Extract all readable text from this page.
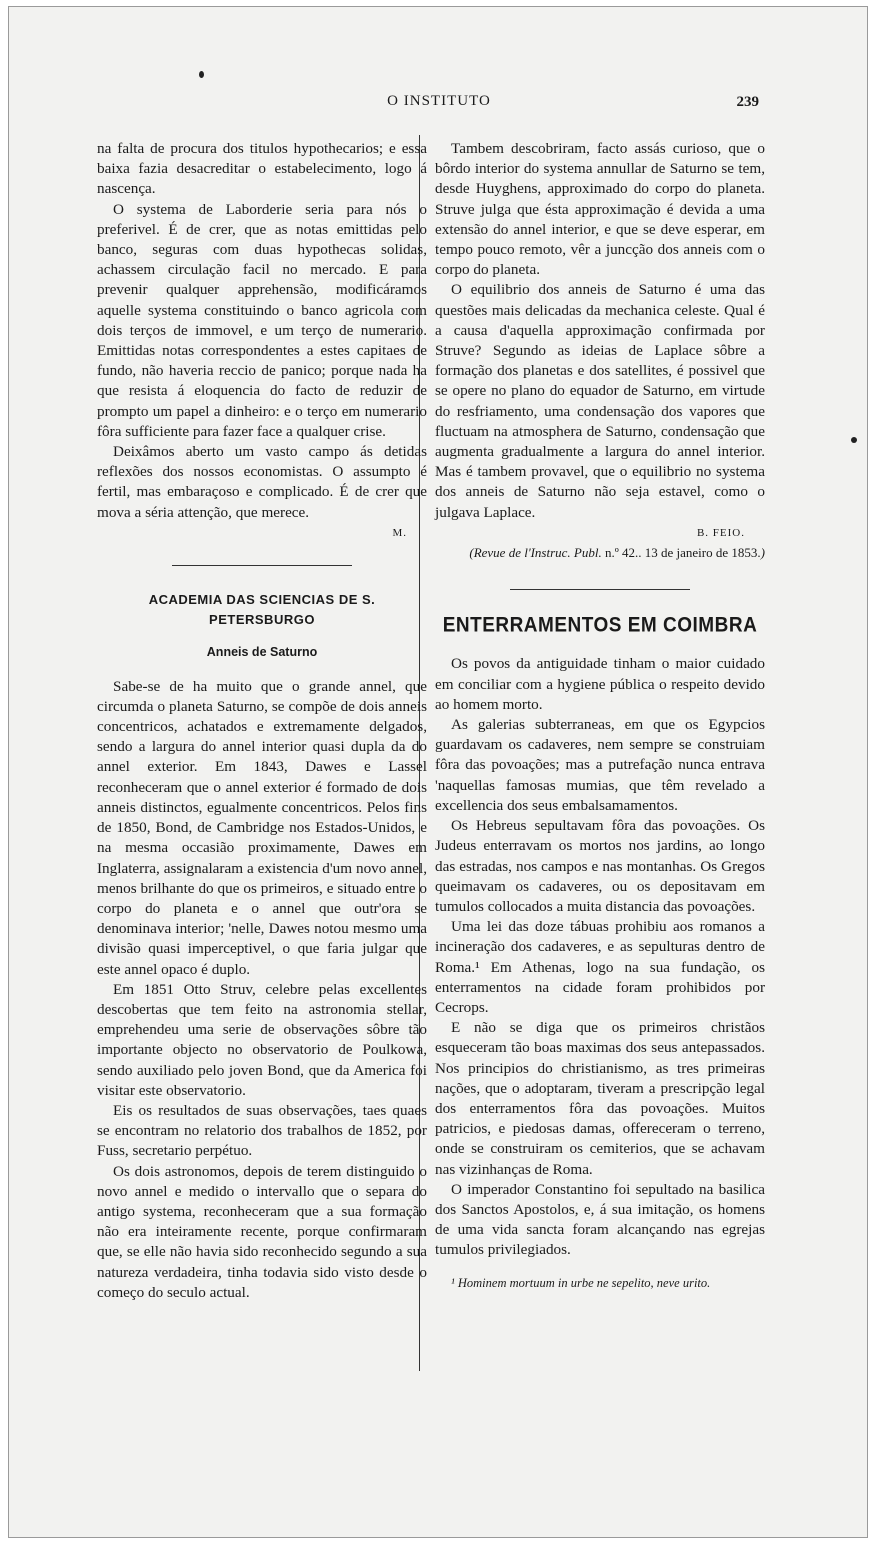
O INSTITUTO	239

na falta de procura dos titulos hypothecarios; e essa baixa fazia desacreditar o estabelecimento, logo á nascença.

O systema de Laborderie seria para nós o preferivel. É de crer, que as notas emittidas pelo banco, seguras com duas hypothecas solidas, achassem circulação facil no mercado. E para prevenir qualquer apprehensão, modificáramos aquelle systema constituindo o banco agricola com dois terços de immovel, e um terço de numerario. Emittidas notas correspondentes a estes capitaes de fundo, não haveria reccio de panico; porque nada ha que resista á eloquencia do facto de reduzir de prompto um papel a dinheiro: e o terço em numerario fôra sufficiente para fazer face a qualquer crise.

Deixâmos aberto um vasto campo ás detidas reflexões dos nossos economistas. O assumpto é fertil, mas embaraçoso e complicado. É de crer que mova a séria attenção, que merece.
M.

ACADEMIA DAS SCIENCIAS DE S. PETERSBURGO
Anneis de Saturno

Sabe-se de ha muito que o grande annel, que circumda o planeta Saturno, se compõe de dois anneis concentricos, achatados e extremamente delgados, sendo a largura do annel interior quasi dupla da do annel exterior. Em 1843, Dawes e Lassel reconheceram que o annel exterior é formado de dois anneis distinctos, egualmente concentricos. Pelos fins de 1850, Bond, de Cambridge nos Estados-Unidos, e na mesma occasião proximamente, Dawes em Inglaterra, assignalaram a existencia d'um novo annel, menos brilhante do que os primeiros, e situado entre o corpo do planeta e o annel que outr'ora se denominava interior; 'nelle, Dawes notou mesmo uma divisão quasi imperceptivel, o que faria julgar que este annel opaco é duplo.

Em 1851 Otto Struv, celebre pelas excellentes descobertas que tem feito na astronomia stellar, emprehendeu uma serie de observações sôbre tão importante objecto no observatorio de Poulkowa, sendo auxiliado pelo joven Bond, que da America foi visitar este observatorio.

Eis os resultados de suas observações, taes quaes se encontram no relatorio dos trabalhos de 1852, por Fuss, secretario perpétuo.

Os dois astronomos, depois de terem distinguido o novo annel e medido o intervallo que o separa do antigo systema, reconheceram que a sua formação não era inteiramente recente, porque confirmaram que, se elle não havia sido reconhecido segundo a sua natureza verdadeira, tinha todavia sido visto desde o começo do seculo actual.

Tambem descobriram, facto assás curioso, que o bôrdo interior do systema annullar de Saturno se tem, desde Huyghens, approximado do corpo do planeta. Struve julga que ésta approximação é devida a uma extensão do annel interior, e que se deve esperar, em tempo pouco remoto, vêr a juncção dos anneis com o corpo do planeta.

O equilibrio dos anneis de Saturno é uma das questões mais delicadas da mechanica celeste. Qual é a causa d'aquella approximação confirmada por Struve? Segundo as ideias de Laplace sôbre a formação dos planetas e dos satellites, é possivel que se opere no plano do equador de Saturno, em virtude do resfriamento, uma condensação dos vapores que fluctuam na atmosphera de Saturno, condensação que augmenta gradualmente a largura do annel interior. Mas é tambem provavel, que o equilibrio no systema dos anneis de Saturno não seja estavel, como o julgava Laplace.
B. FEIO.

(Revue de l'Instruc. Publ. n.º 42.. 13 de janeiro de 1853.)
ENTERRAMENTOS EM COIMBRA

Os povos da antiguidade tinham o maior cuidado em conciliar com a hygiene pública o respeito devido ao homem morto.

As galerias subterraneas, em que os Egypcios guardavam os cadaveres, nem sempre se construiam fôra das povoações; mas a putrefação nunca entrava 'naquellas famosas mumias, que têm revelado a excellencia dos seus embalsamamentos.

Os Hebreus sepultavam fôra das povoações. Os Judeus enterravam os mortos nos jardins, ao longo das estradas, nos campos e nas montanhas. Os Gregos queimavam os cadaveres, ou os depositavam em tumulos collocados a muita distancia das povoações.

Uma lei das doze tábuas prohibiu aos romanos a incineração dos cadaveres, e as sepulturas dentro de Roma.¹ Em Athenas, logo na sua fundação, os enterramentos na cidade foram prohibidos por Cecrops.

E não se diga que os primeiros christãos esqueceram tão boas maximas dos seus antepassados. Nos principios do christianismo, as tres primeiras nações, que o adoptaram, tiveram a prescripção legal dos enterramentos fôra das povoações. Muitos patricios, e piedosas damas, offereceram o terreno, onde se construiram os cemiterios, que se achavam nas vizinhanças de Roma.

O imperador Constantino foi sepultado na basilica dos Sanctos Apostolos, e, á sua imitação, os homens de uma vida sancta foram alcançando nas egrejas tumulos privilegiados.

¹ Hominem mortuum in urbe ne sepelito, neve urito.
